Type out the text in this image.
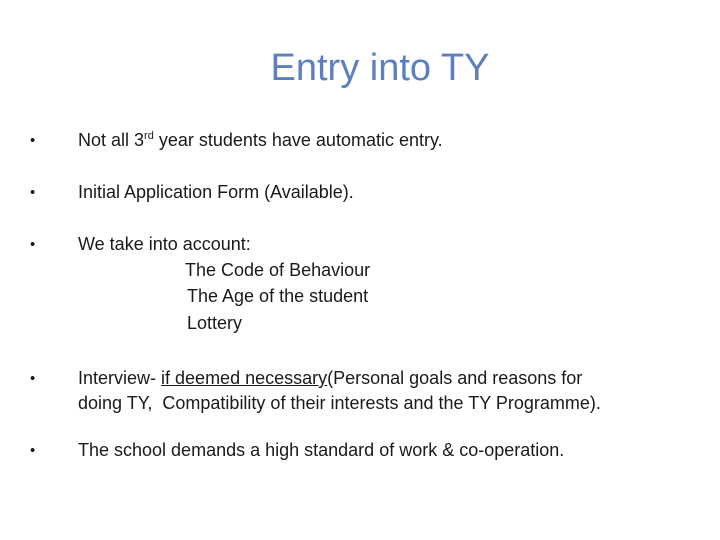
Entry into TY
•	Not all 3rd year students have automatic entry.
•	Initial Application Form (Available).
•	We take into account:
The Code of Behaviour
The Age of the student
Lottery
•	Interview- if deemed necessary(Personal goals and reasons for
doing TY,  Compatibility of their interests and the TY Programme).
•	The school demands a high standard of work & co-operation.
